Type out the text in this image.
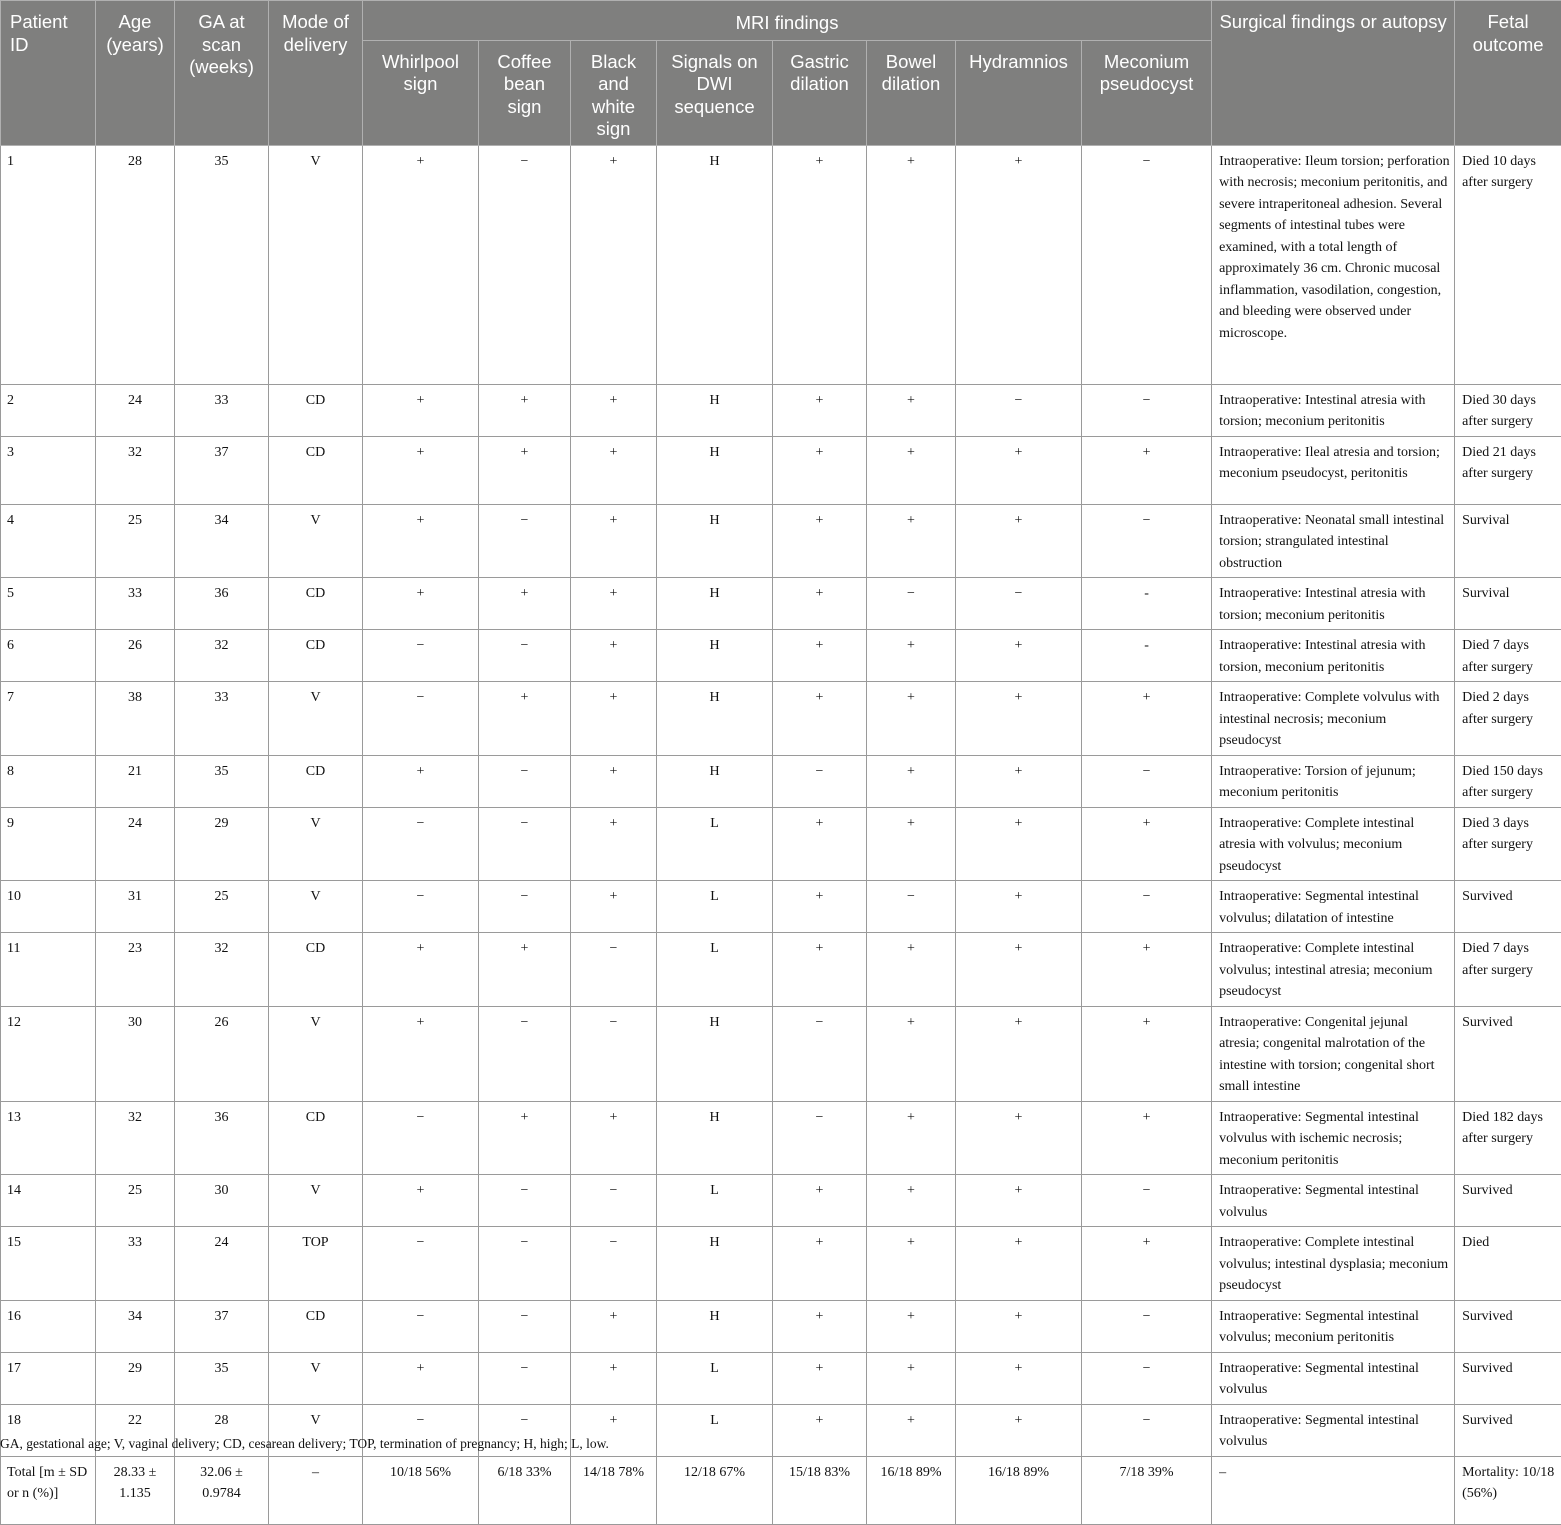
Patient ID	Age (years)	GA at scan (weeks)	Mode of delivery	MRI findings								Surgical findings or autopsy	Fetal outcome
				Whirlpool sign	Coffee bean sign	Black and white sign	Signals on DWI sequence	Gastric dilation	Bowel dilation	Hydramnios	Meconium pseudocyst		
1	28	35	V	+	−	+	H	+	+	+	−	Intraoperative: Ileum torsion; perforation with necrosis; meconium peritonitis, and severe intraperitoneal adhesion. Several segments of intestinal tubes were examined, with a total length of approximately 36 cm. Chronic mucosal inflammation, vasodilation, congestion, and bleeding were observed under microscope.	Died 10 days after surgery
2	24	33	CD	+	+	+	H	+	+	−	−	Intraoperative: Intestinal atresia with torsion; meconium peritonitis	Died 30 days after surgery
3	32	37	CD	+	+	+	H	+	+	+	+	Intraoperative: Ileal atresia and torsion; meconium pseudocyst, peritonitis	Died 21 days after surgery
4	25	34	V	+	−	+	H	+	+	+	−	Intraoperative: Neonatal small intestinal torsion; strangulated intestinal obstruction	Survival
5	33	36	CD	+	+	+	H	+	−	−	-	Intraoperative: Intestinal atresia with torsion; meconium peritonitis	Survival
6	26	32	CD	−	−	+	H	+	+	+	-	Intraoperative: Intestinal atresia with torsion, meconium peritonitis	Died 7 days after surgery
7	38	33	V	−	+	+	H	+	+	+	+	Intraoperative: Complete volvulus with intestinal necrosis; meconium pseudocyst	Died 2 days after surgery
8	21	35	CD	+	−	+	H	−	+	+	−	Intraoperative: Torsion of jejunum; meconium peritonitis	Died 150 days after surgery
9	24	29	V	−	−	+	L	+	+	+	+	Intraoperative: Complete intestinal atresia with volvulus; meconium pseudocyst	Died 3 days after surgery
10	31	25	V	−	−	+	L	+	−	+	−	Intraoperative: Segmental intestinal volvulus; dilatation of intestine	Survived
11	23	32	CD	+	+	−	L	+	+	+	+	Intraoperative: Complete intestinal volvulus; intestinal atresia; meconium pseudocyst	Died 7 days after surgery
12	30	26	V	+	−	−	H	−	+	+	+	Intraoperative: Congenital jejunal atresia; congenital malrotation of the intestine with torsion; congenital short small intestine	Survived
13	32	36	CD	−	+	+	H	−	+	+	+	Intraoperative: Segmental intestinal volvulus with ischemic necrosis; meconium peritonitis	Died 182 days after surgery
14	25	30	V	+	−	−	L	+	+	+	−	Intraoperative: Segmental intestinal volvulus	Survived
15	33	24	TOP	−	−	−	H	+	+	+	+	Intraoperative: Complete intestinal volvulus; intestinal dysplasia; meconium pseudocyst	Died
16	34	37	CD	−	−	+	H	+	+	+	−	Intraoperative: Segmental intestinal volvulus; meconium peritonitis	Survived
17	29	35	V	+	−	+	L	+	+	+	−	Intraoperative: Segmental intestinal volvulus	Survived
18	22	28	V	−	−	+	L	+	+	+	−	Intraoperative: Segmental intestinal volvulus	Survived
Total [m ± SD or n (%)]	28.33 ± 1.135	32.06 ± 0.9784	–	10/18 56%	6/18 33%	14/18 78%	12/18 67%	15/18 83%	16/18 89%	16/18 89%	7/18 39%	–	Mortality: 10/18 (56%)
GA, gestational age; V, vaginal delivery; CD, cesarean delivery; TOP, termination of pregnancy; H, high; L, low.
